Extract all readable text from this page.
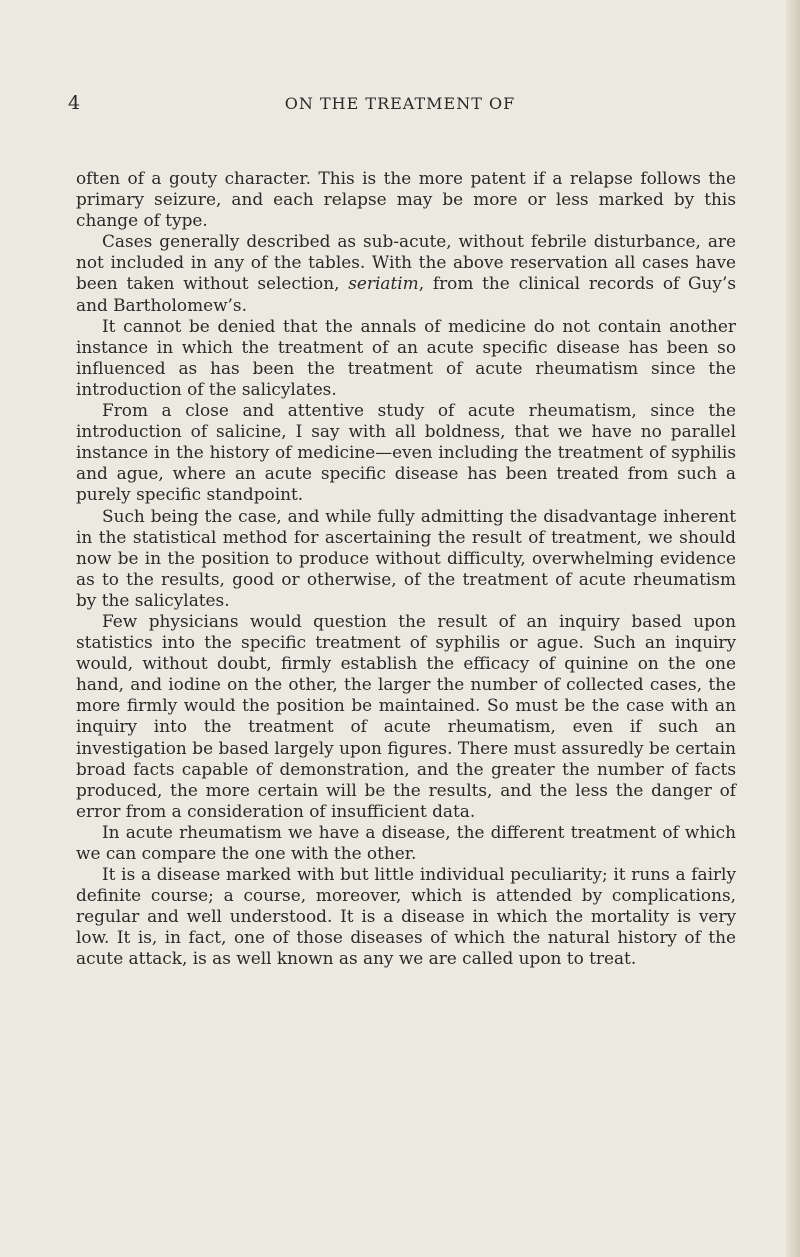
4	ON THE TREATMENT OF

often of a gouty character. This is the more patent if a relapse follows the primary seizure, and each relapse may be more or less marked by this change of type.

Cases generally described as sub-acute, without febrile disturbance, are not included in any of the tables. With the above reservation all cases have been taken without selection, seriatim, from the clinical records of Guy’s and Bartholomew’s.

It cannot be denied that the annals of medicine do not contain another instance in which the treatment of an acute specific disease has been so influenced as has been the treatment of acute rheumatism since the introduction of the salicylates.

From a close and attentive study of acute rheumatism, since the introduction of salicine, I say with all boldness, that we have no parallel instance in the history of medicine—even including the treatment of syphilis and ague, where an acute specific disease has been treated from such a purely specific standpoint.

Such being the case, and while fully admitting the disadvantage inherent in the statistical method for ascertaining the result of treatment, we should now be in the position to produce without difficulty, overwhelming evidence as to the results, good or otherwise, of the treatment of acute rheumatism by the salicylates.

Few physicians would question the result of an inquiry based upon statistics into the specific treatment of syphilis or ague. Such an inquiry would, without doubt, firmly establish the efficacy of quinine on the one hand, and iodine on the other, the larger the number of collected cases, the more firmly would the position be maintained. So must be the case with an inquiry into the treatment of acute rheumatism, even if such an investigation be based largely upon figures. There must assuredly be certain broad facts capable of demonstration, and the greater the number of facts produced, the more certain will be the results, and the less the danger of error from a consideration of insufficient data.

In acute rheumatism we have a disease, the different treatment of which we can compare the one with the other.

It is a disease marked with but little individual peculiarity; it runs a fairly definite course; a course, moreover, which is attended by complications, regular and well understood. It is a disease in which the mortality is very low. It is, in fact, one of those diseases of which the natural history of the acute attack, is as well known as any we are called upon to treat.
